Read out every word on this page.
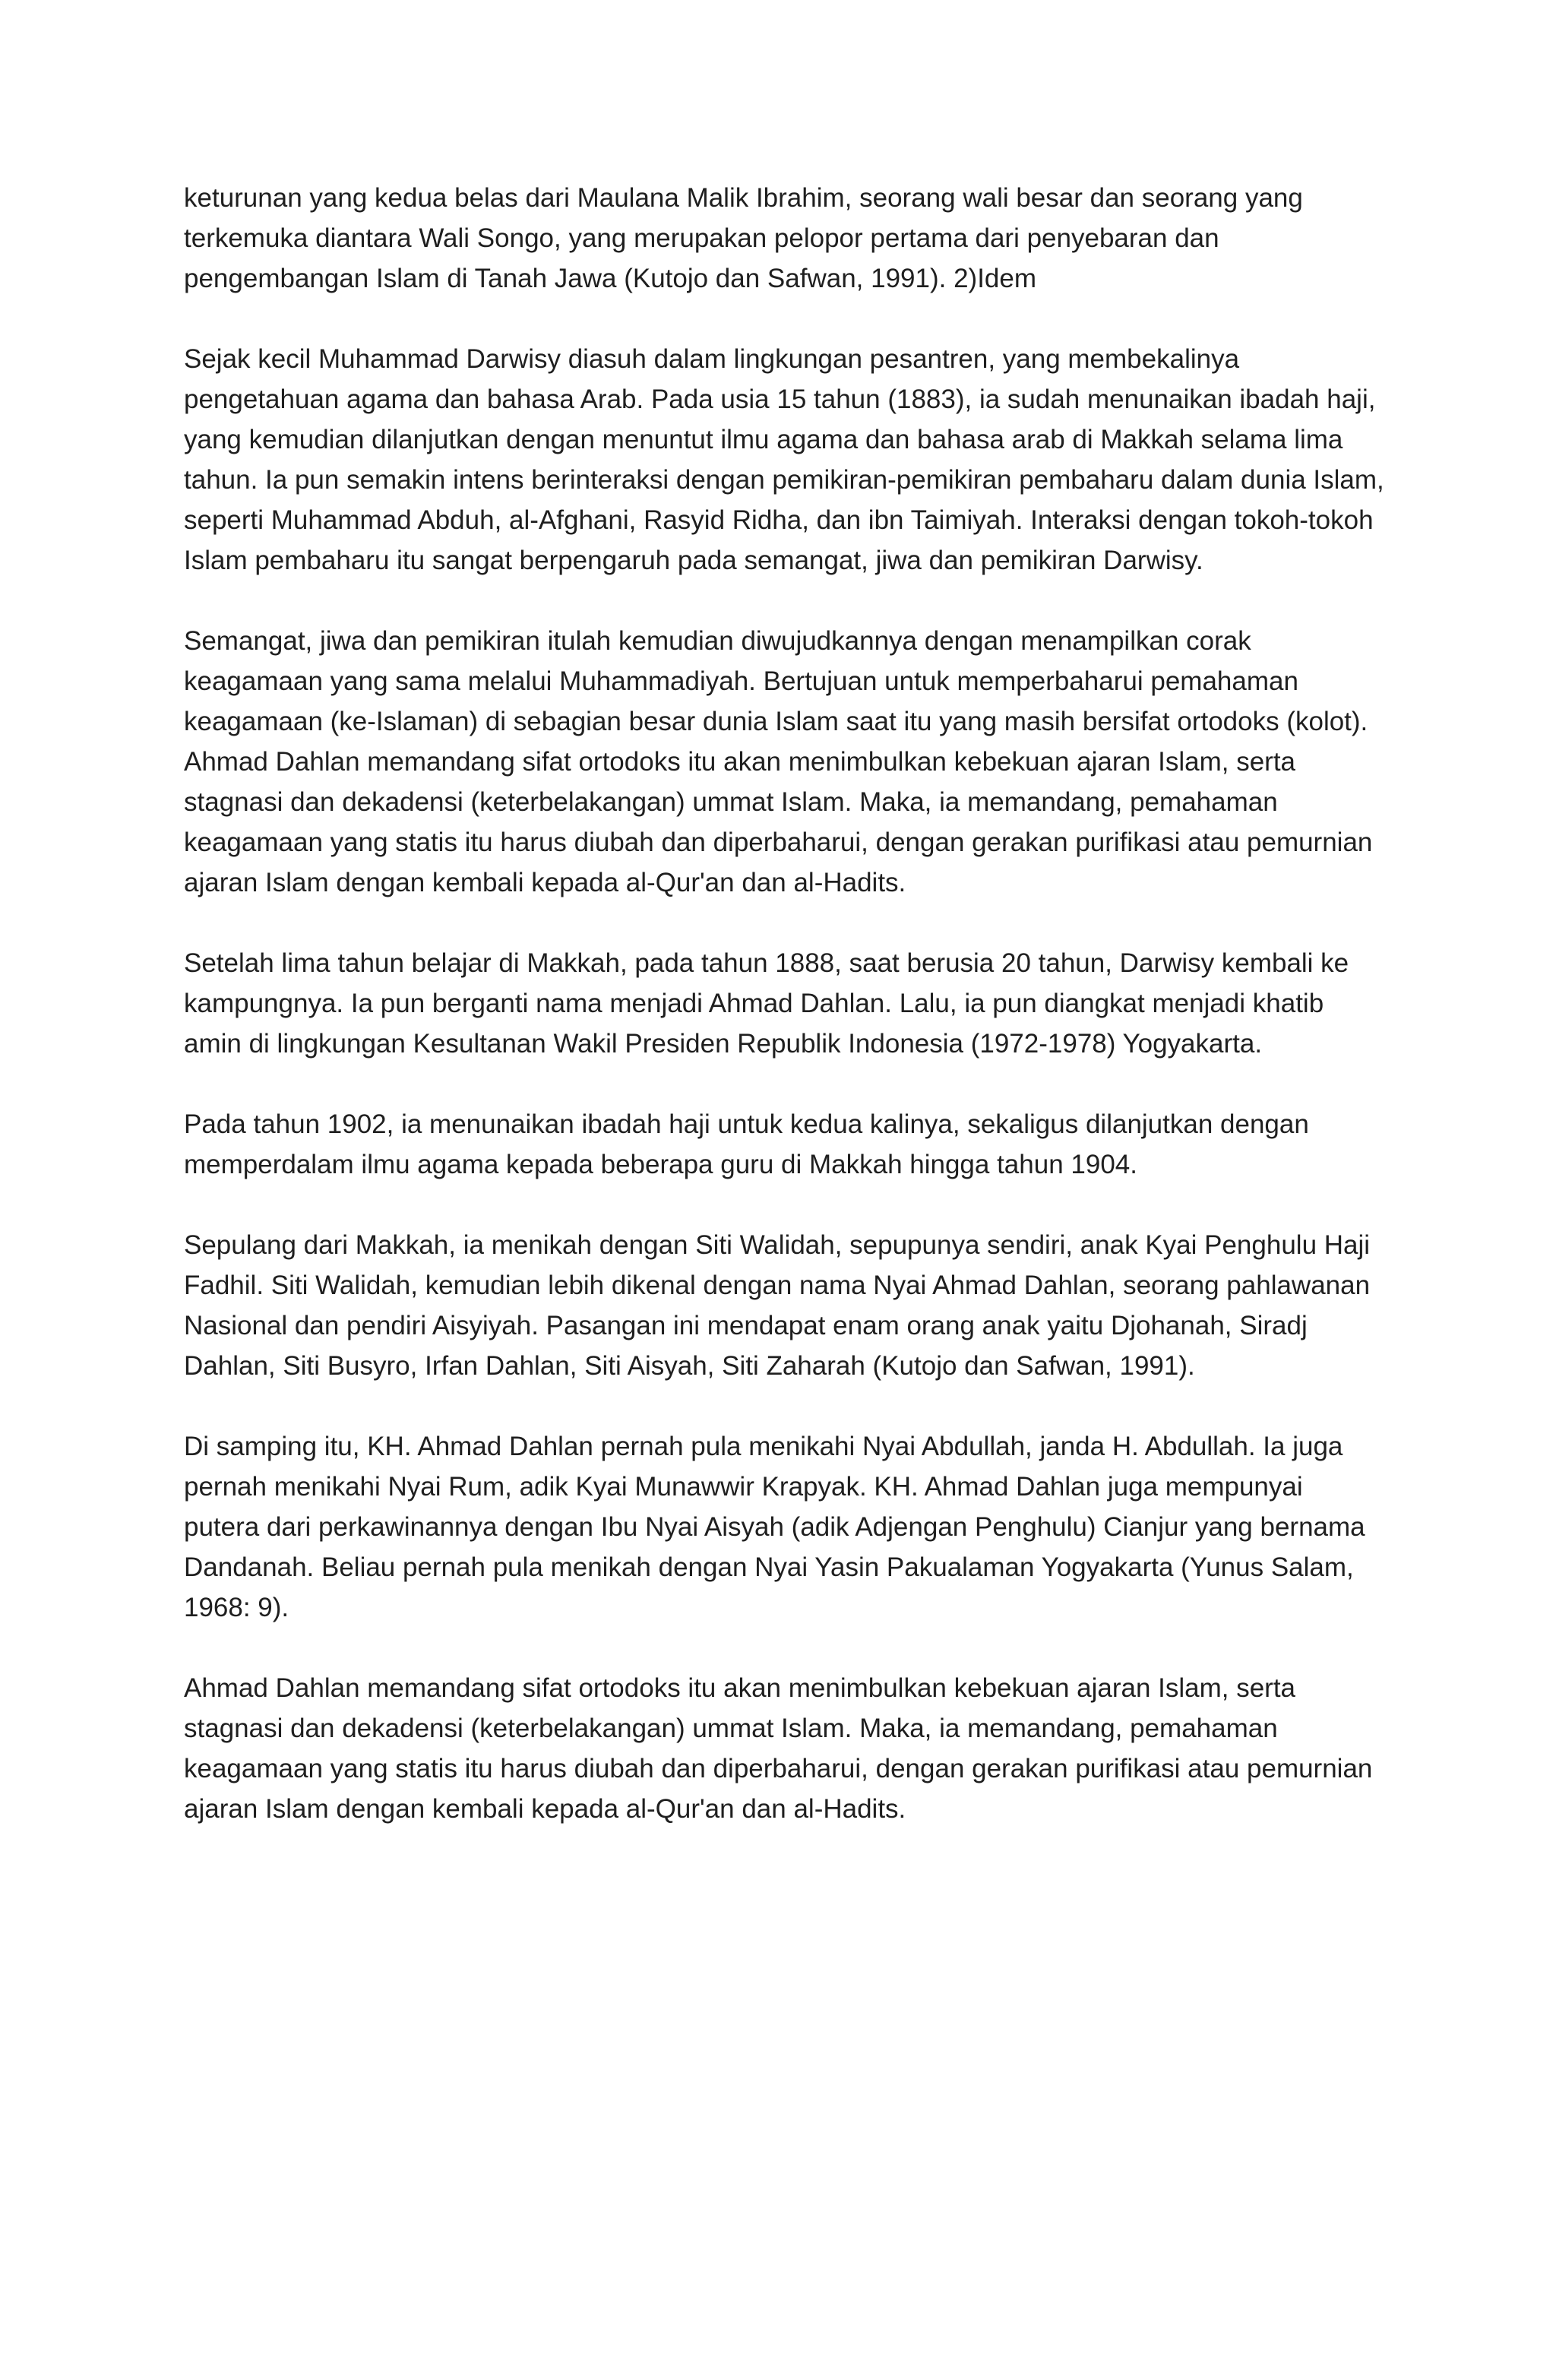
keturunan yang kedua belas dari Maulana Malik Ibrahim, seorang wali besar dan seorang yang terkemuka diantara Wali Songo, yang merupakan pelopor pertama dari penyebaran dan pengembangan Islam di Tanah Jawa (Kutojo dan Safwan, 1991). 2)Idem

Sejak kecil Muhammad Darwisy diasuh dalam lingkungan pesantren, yang membekalinya pengetahuan agama dan bahasa Arab. Pada usia 15 tahun (1883), ia sudah menunaikan ibadah haji, yang kemudian dilanjutkan dengan menuntut ilmu agama dan bahasa arab di Makkah selama lima tahun. Ia pun semakin intens berinteraksi dengan pemikiran-pemikiran pembaharu dalam dunia Islam, seperti Muhammad Abduh, al-Afghani, Rasyid Ridha, dan ibn Taimiyah. Interaksi dengan tokoh-tokoh Islam pembaharu itu sangat berpengaruh pada semangat, jiwa dan pemikiran Darwisy.

Semangat, jiwa dan pemikiran itulah kemudian diwujudkannya dengan menampilkan corak keagamaan yang sama melalui Muhammadiyah. Bertujuan untuk memperbaharui pemahaman keagamaan (ke-Islaman) di sebagian besar dunia Islam saat itu yang masih bersifat ortodoks (kolot). Ahmad Dahlan memandang sifat ortodoks itu akan menimbulkan kebekuan ajaran Islam, serta stagnasi dan dekadensi (keterbelakangan) ummat Islam. Maka, ia memandang, pemahaman keagamaan yang statis itu harus diubah dan diperbaharui, dengan gerakan purifikasi atau pemurnian ajaran Islam dengan kembali kepada al-Qur'an dan al-Hadits.

Setelah lima tahun belajar di Makkah, pada tahun 1888, saat berusia 20 tahun, Darwisy kembali ke kampungnya. Ia pun berganti nama menjadi Ahmad Dahlan. Lalu, ia pun diangkat menjadi khatib amin di lingkungan Kesultanan Wakil Presiden Republik Indonesia (1972-1978) Yogyakarta.

Pada tahun 1902, ia menunaikan ibadah haji untuk kedua kalinya, sekaligus dilanjutkan dengan memperdalam ilmu agama kepada beberapa guru di Makkah hingga tahun 1904.

Sepulang dari Makkah, ia menikah dengan Siti Walidah, sepupunya sendiri, anak Kyai Penghulu Haji Fadhil. Siti Walidah, kemudian lebih dikenal dengan nama Nyai Ahmad Dahlan, seorang pahlawanan Nasional dan pendiri Aisyiyah. Pasangan ini mendapat enam orang anak yaitu Djohanah, Siradj Dahlan, Siti Busyro, Irfan Dahlan, Siti Aisyah, Siti Zaharah (Kutojo dan Safwan, 1991).

Di samping itu, KH. Ahmad Dahlan pernah pula menikahi Nyai Abdullah, janda H. Abdullah. Ia juga pernah menikahi Nyai Rum, adik Kyai Munawwir Krapyak. KH. Ahmad Dahlan juga mempunyai putera dari perkawinannya dengan Ibu Nyai Aisyah (adik Adjengan Penghulu) Cianjur yang bernama Dandanah. Beliau pernah pula menikah dengan Nyai Yasin Pakualaman Yogyakarta (Yunus Salam, 1968: 9).

Ahmad Dahlan memandang sifat ortodoks itu akan menimbulkan kebekuan ajaran Islam, serta stagnasi dan dekadensi (keterbelakangan) ummat Islam. Maka, ia memandang, pemahaman keagamaan yang statis itu harus diubah dan diperbaharui, dengan gerakan purifikasi atau pemurnian ajaran Islam dengan kembali kepada al-Qur'an dan al-Hadits.
